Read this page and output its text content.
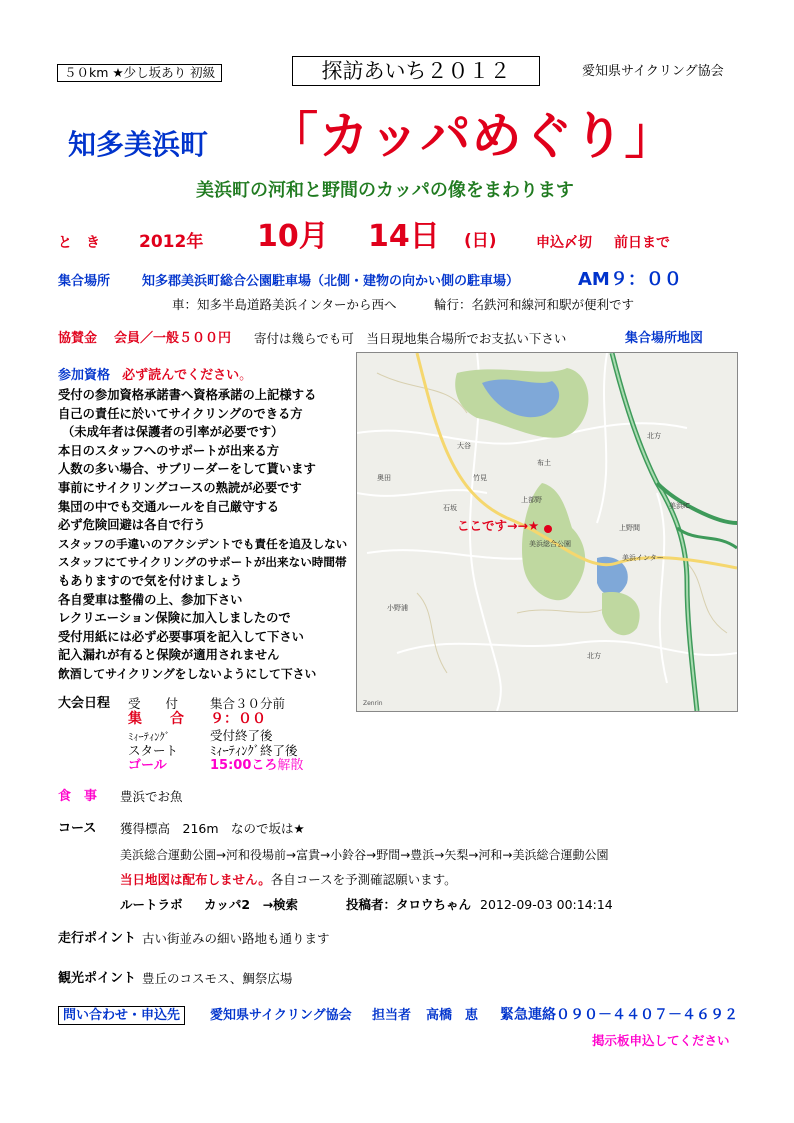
５０km ★少し坂あり 初級	探訪あいち２０１２	愛知県サイクリング協会
知多美浜町 「カッパめぐり」
美浜町の河和と野間のカッパの像をまわります
と　き 2012年 10月 14日 (日)	申込〆切 前日まで
集合場所 知多郡美浜町総合公園駐車場（北側・建物の向かい側の駐車場）	AM９：００
車：知多半島道路美浜インターから西へ　　　輪行：名鉄河和線河和駅が便利です
協賛金 会員／一般５００円 寄付は幾らでも可　当日現地集合場所でお支払い下さい	集合場所地図
参加資格 必ず読んでください。
受付の参加資格承諾書へ資格承諾の上記様する
自己の責任に於いてサイクリングのできる方
（未成年者は保護者の引率が必要です）
本日のスタッフへのサポートが出来る方
人数の多い場合、サブリーダーをして貰います
事前にサイクリングコースの熟読が必要です
集団の中でも交通ルールを自己厳守する
必ず危険回避は各自で行う
スタッフの手違いのアクシデントでも責任を追及しない
スタッフにてサイクリングのサポートが出来ない時間帯
もありますので気を付けましょう
各自愛車は整備の上、参加下さい
レクリエーション保険に加入しましたので
受付用紙には必ず必要事項を記入して下さい
記入漏れが有ると保険が適用されません
飲酒してサイクリングをしないようにして下さい
Zenrin
ここです→→★
美浜総合公園
美浜IC
美浜インター
上野間
布土
北方
大谷
奥田	竹見
石坂
北方
上部野
小野浦
大会日程 受　　付	集合３０分前
集　　合 ９：００
ﾐｨｰﾃｨﾝｸﾞ	受付終了後
スタート	ﾐｨｰﾃｨﾝｸﾞ終了後
ゴール	15:00ころ解散
食　事 豊浜でお魚
コース 獲得標高　216m　なので坂は★
美浜総合運動公園→河和役場前→富貴→小鈴谷→野間→豊浜→矢梨→河和→美浜総合運動公園
当日地図は配布しません。各自コースを予測確認願います。
ルートラボ カッパ2　→検索	投稿者：タロウちゃん 2012-09-03 00:14:14
走行ポイント 古い街並みの細い路地も通ります
観光ポイント 豊丘のコスモス、鯛祭広場
問い合わせ・申込先	愛知県サイクリング協会 担当者 高橋　恵 緊急連絡０９０－４４０７－４６９２
掲示板申込してください
